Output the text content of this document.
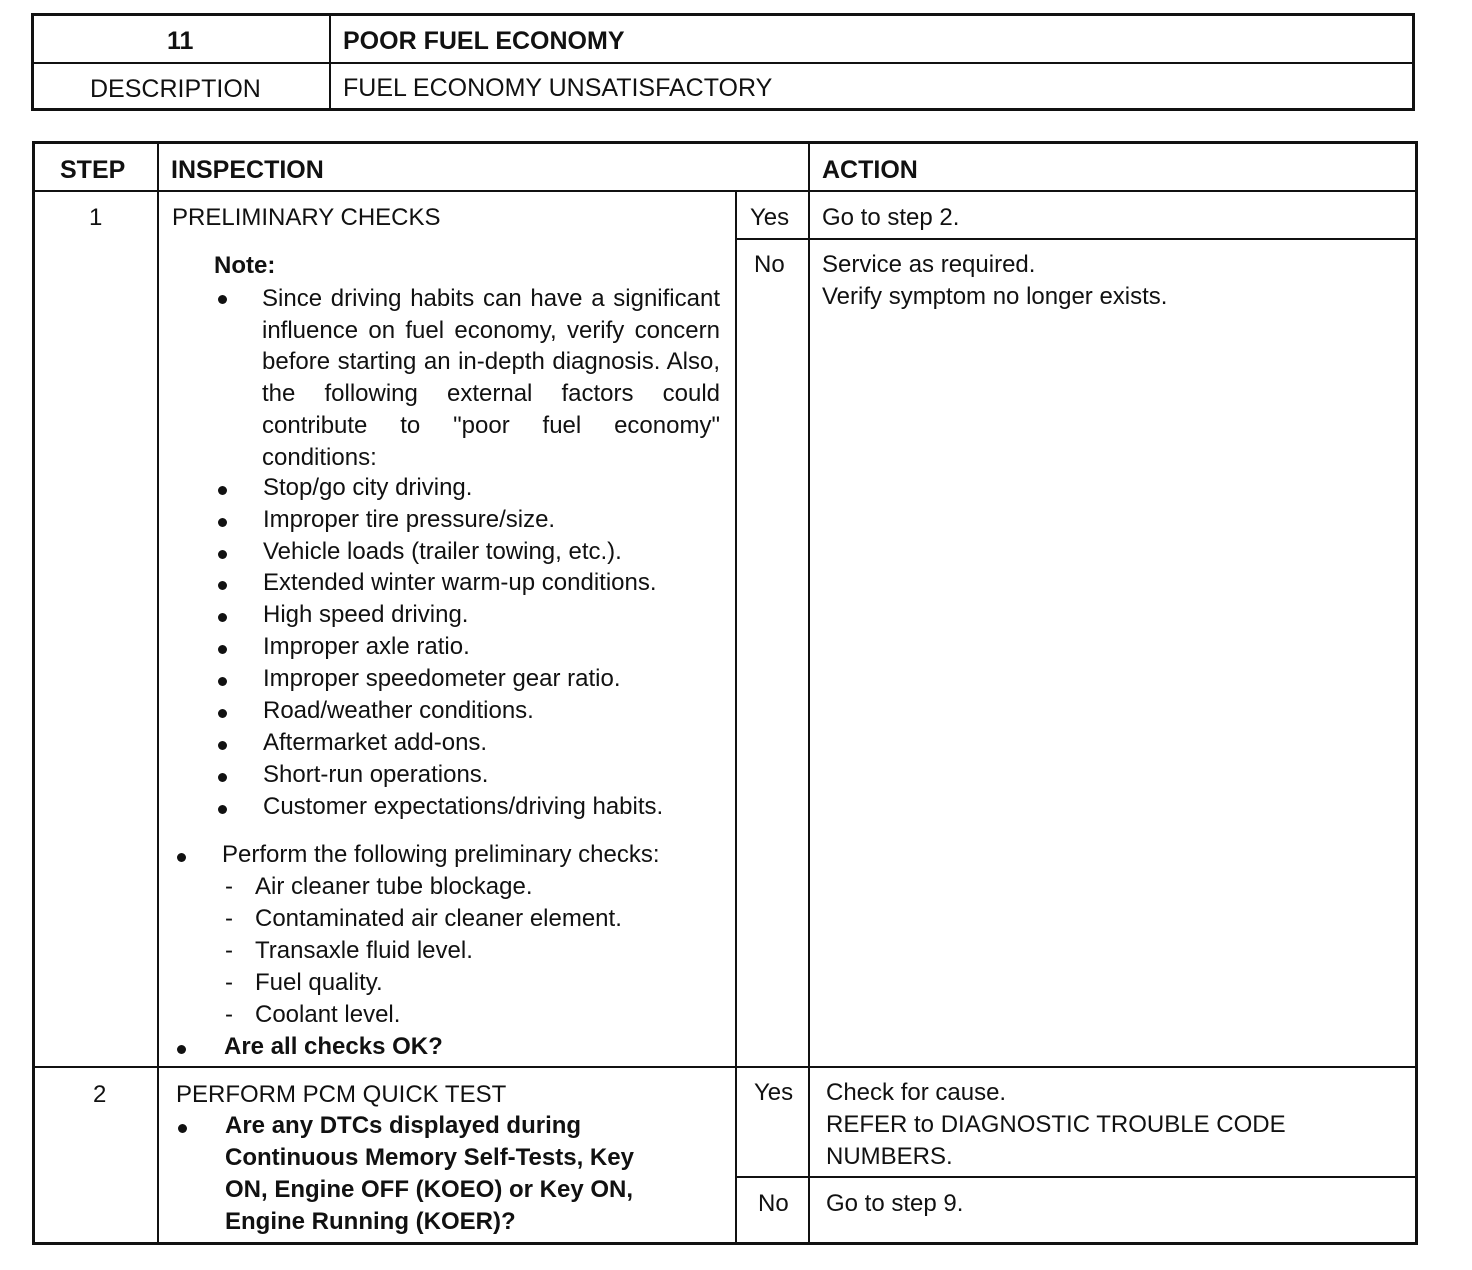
11	POOR FUEL ECONOMY
DESCRIPTION	FUEL ECONOMY UNSATISFACTORY
STEP INSPECTION	ACTION
1	PRELIMINARY CHECKS
Note:
Since driving habits can have a significant influence on fuel economy, verify concern before starting an in-depth diagnosis. Also, the following external factors could contribute to "poor fuel economy" conditions:
Stop/go city driving.
Improper tire pressure/size.
Vehicle loads (trailer towing, etc.).
Extended winter warm-up conditions.
High speed driving.
Improper axle ratio.
Improper speedometer gear ratio.
Road/weather conditions.
Aftermarket add-ons.
Short-run operations.
Customer expectations/driving habits.
Perform the following preliminary checks:
- Air cleaner tube blockage.
- Contaminated air cleaner element.
- Transaxle fluid level.
- Fuel quality.
- Coolant level.
Are all checks OK?
Yes Go to step 2.
No Service as required.
Verify symptom no longer exists.
2	PERFORM PCM QUICK TEST
Are any DTCs displayed during
Continuous Memory Self-Tests, Key
ON, Engine OFF (KOEO) or Key ON,
Engine Running (KOER)?
Yes Check for cause.
REFER to DIAGNOSTIC TROUBLE CODE
NUMBERS.
No Go to step 9.
